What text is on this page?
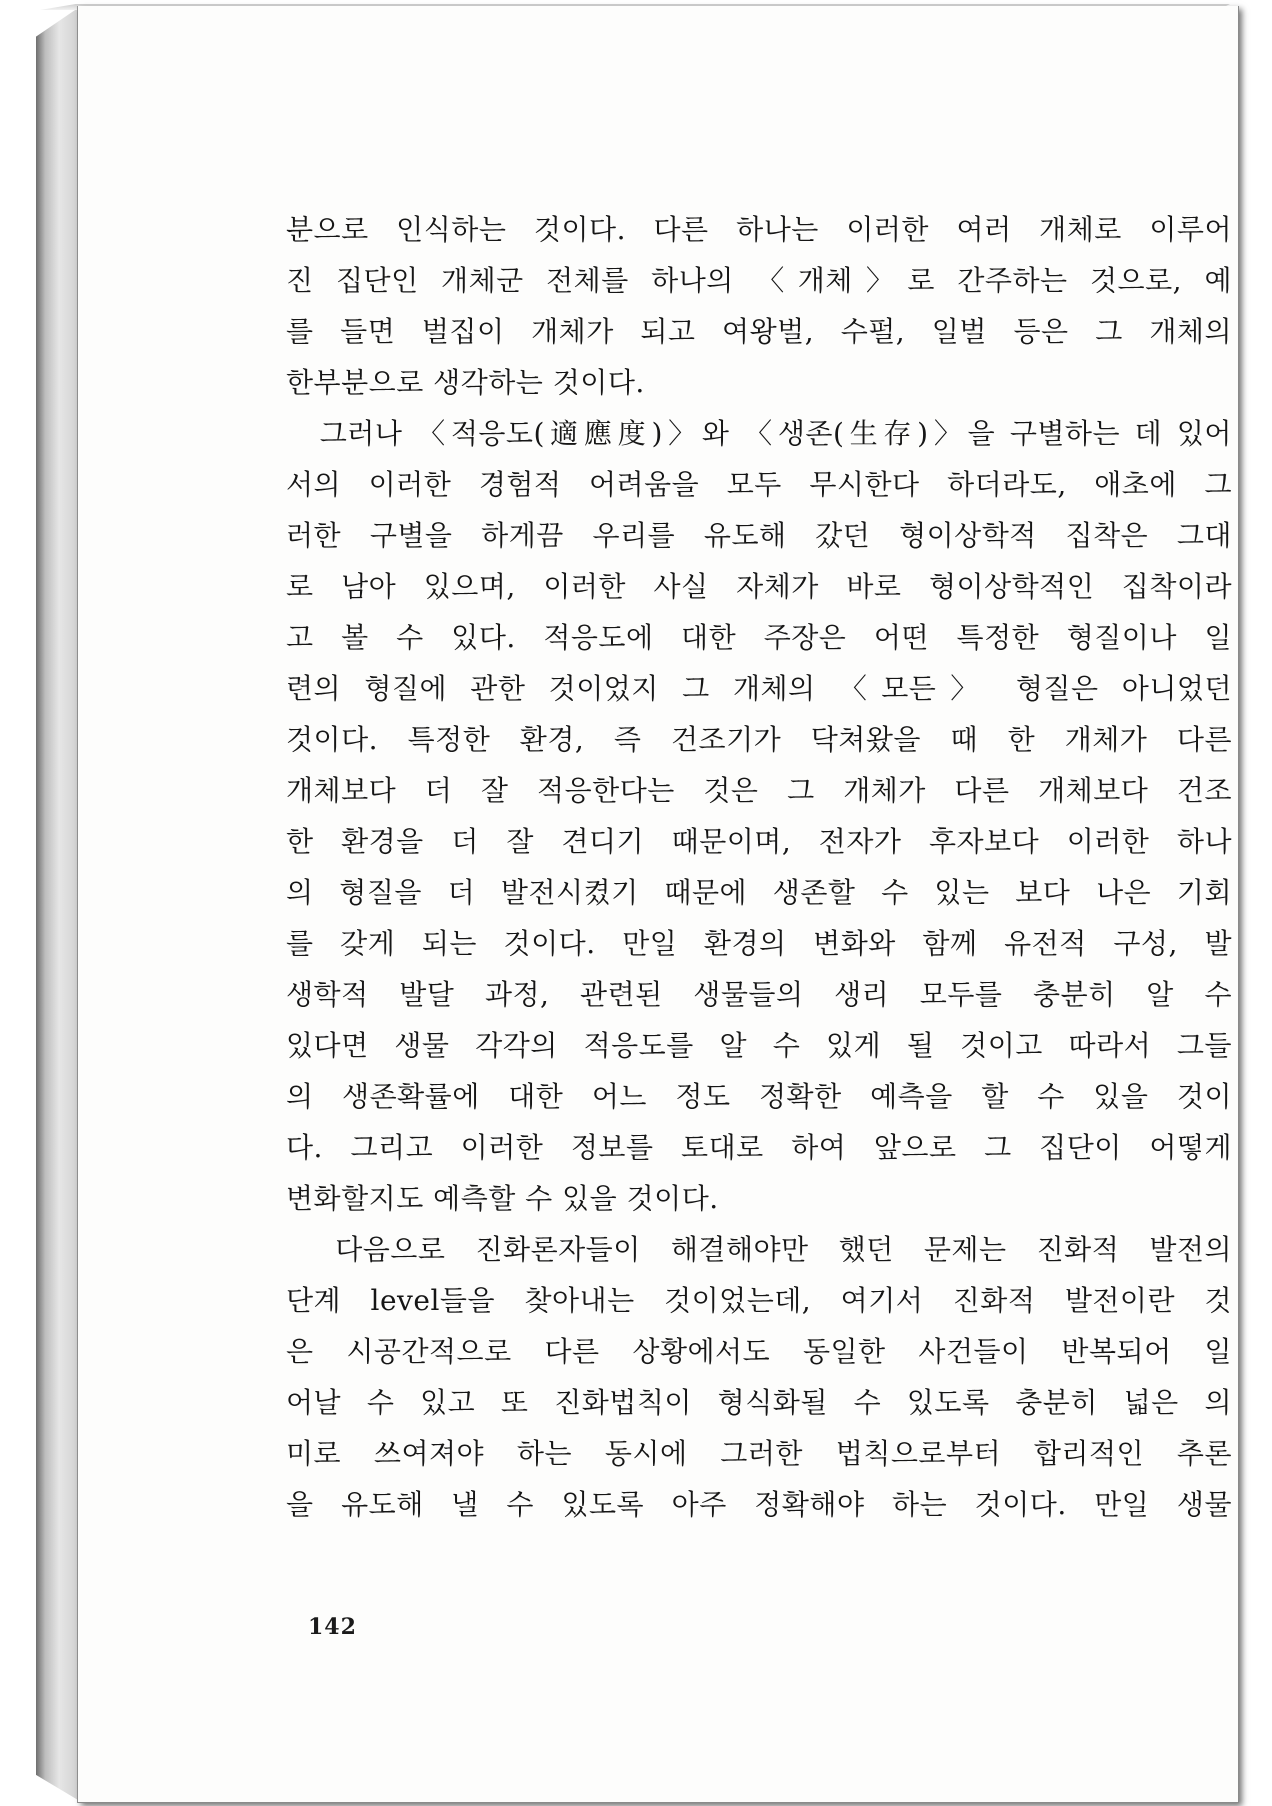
분으로 인식하는 것이다. 다른 하나는 이러한 여러 개체로 이루어
진 집단인 개체군 전체를 하나의 〈개체〉로 간주하는 것으로, 예
를 들면 벌집이 개체가 되고 여왕벌, 수펄, 일벌 등은 그 개체의
한부분으로 생각하는 것이다.
　그러나 〈적응도(適應度)〉와 〈생존(生存)〉을 구별하는 데 있어
서의 이러한 경험적 어려움을 모두 무시한다 하더라도, 애초에 그
러한 구별을 하게끔 우리를 유도해 갔던 형이상학적 집착은 그대
로 남아 있으며, 이러한 사실 자체가 바로 형이상학적인 집착이라
고 볼 수 있다. 적응도에 대한 주장은 어떤 특정한 형질이나 일
련의 형질에 관한 것이었지 그 개체의 〈모든〉 형질은 아니었던
것이다. 특정한 환경, 즉 건조기가 닥쳐왔을 때 한 개체가 다른
개체보다 더 잘 적응한다는 것은 그 개체가 다른 개체보다 건조
한 환경을 더 잘 견디기 때문이며, 전자가 후자보다 이러한 하나
의 형질을 더 발전시켰기 때문에 생존할 수 있는 보다 나은 기회
를 갖게 되는 것이다. 만일 환경의 변화와 함께 유전적 구성, 발
생학적 발달 과정, 관련된 생물들의 생리 모두를 충분히 알 수
있다면 생물 각각의 적응도를 알 수 있게 될 것이고 따라서 그들
의 생존확률에 대한 어느 정도 정확한 예측을 할 수 있을 것이
다. 그리고 이러한 정보를 토대로 하여 앞으로 그 집단이 어떻게
변화할지도 예측할 수 있을 것이다.
　다음으로 진화론자들이 해결해야만 했던 문제는 진화적 발전의
단계 level들을 찾아내는 것이었는데, 여기서 진화적 발전이란 것
은 시공간적으로 다른 상황에서도 동일한 사건들이 반복되어 일
어날 수 있고 또 진화법칙이 형식화될 수 있도록 충분히 넓은 의
미로 쓰여져야 하는 동시에 그러한 법칙으로부터 합리적인 추론
을 유도해 낼 수 있도록 아주 정확해야 하는 것이다. 만일 생물
142
